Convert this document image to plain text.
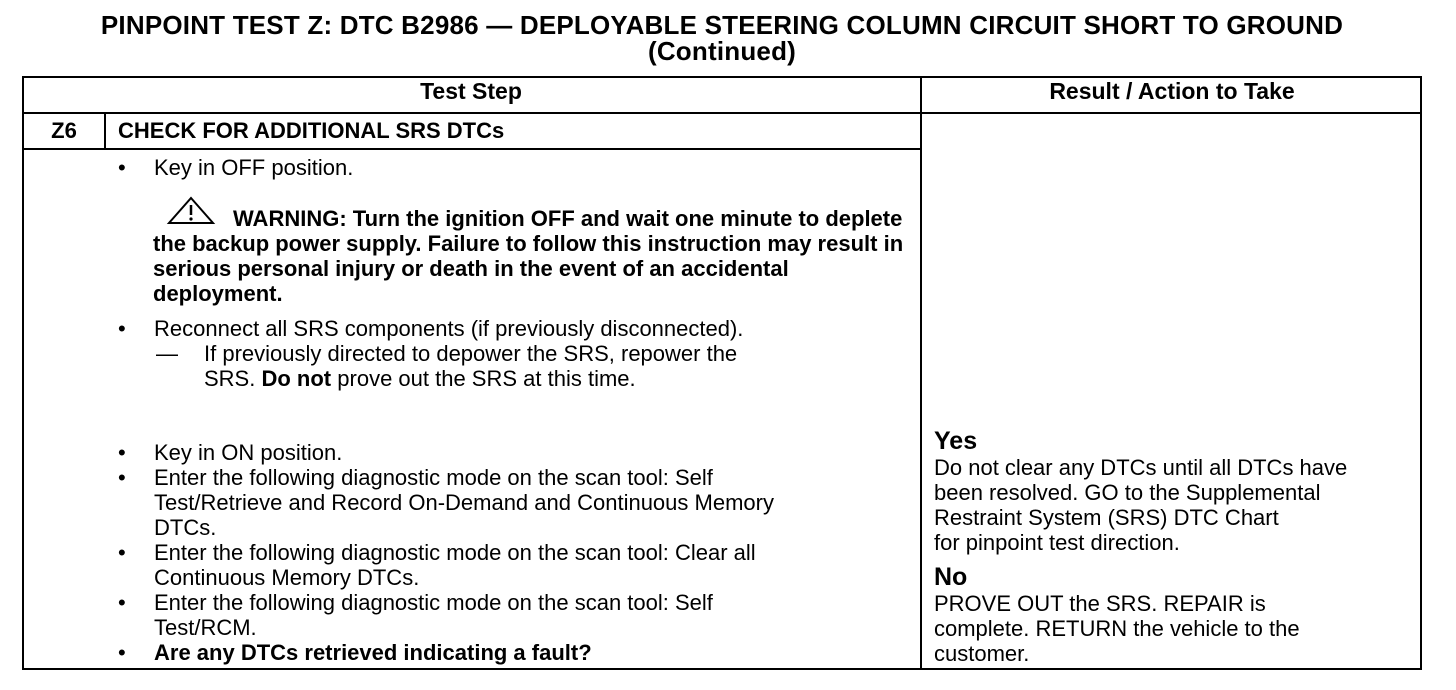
PINPOINT TEST Z: DTC B2986 — DEPLOYABLE STEERING COLUMN CIRCUIT SHORT TO GROUND
(Continued)
Test Step	Result / Action to Take
Z6	CHECK FOR ADDITIONAL SRS DTCs
• Key in OFF position.
WARNING: Turn the ignition OFF and wait one minute to deplete the backup power supply. Failure to follow this instruction may result in serious personal injury or death in the event of an accidental deployment.
• Reconnect all SRS components (if previously disconnected).
— If previously directed to depower the SRS, repower the
SRS. Do not prove out the SRS at this time.
• Key in ON position.
• Enter the following diagnostic mode on the scan tool: Self
Test/Retrieve and Record On-Demand and Continuous Memory
DTCs.
• Enter the following diagnostic mode on the scan tool: Clear all
Continuous Memory DTCs.
• Enter the following diagnostic mode on the scan tool: Self
Test/RCM.
• Are any DTCs retrieved indicating a fault?
Yes
Do not clear any DTCs until all DTCs have
been resolved. GO to the Supplemental
Restraint System (SRS) DTC Chart
for pinpoint test direction.
No
PROVE OUT the SRS. REPAIR is
complete. RETURN the vehicle to the
customer.
